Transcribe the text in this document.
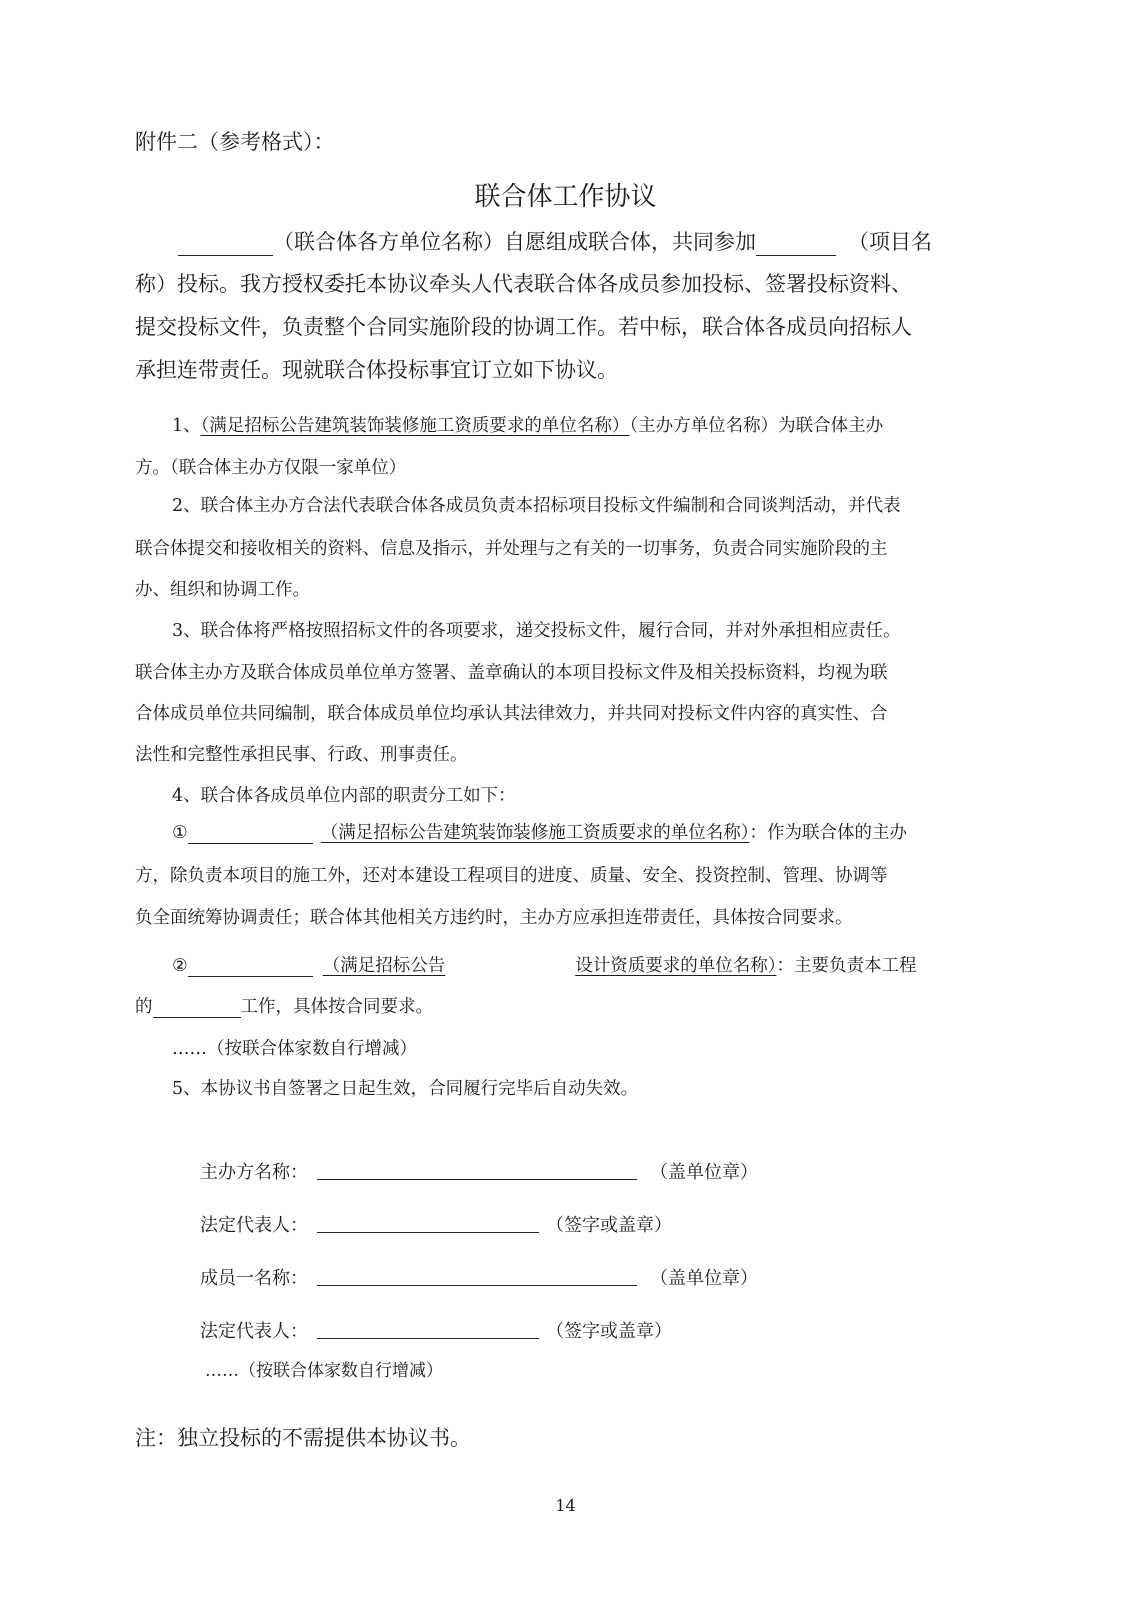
附件二（参考格式）：
联合体工作协议
（联合体各方单位名称）自愿组成联合体，共同参加	（项目名
称）投标。我方授权委托本协议牵头人代表联合体各成员参加投标、签署投标资料、
提交投标文件，负责整个合同实施阶段的协调工作。若中标，联合体各成员向招标人
承担连带责任。现就联合体投标事宜订立如下协议。
1、（满足招标公告建筑装饰装修施工资质要求的单位名称）（主办方单位名称）为联合体主办
方。（联合体主办方仅限一家单位）
2、联合体主办方合法代表联合体各成员负责本招标项目投标文件编制和合同谈判活动，并代表
联合体提交和接收相关的资料、信息及指示，并处理与之有关的一切事务，负责合同实施阶段的主
办、组织和协调工作。
3、联合体将严格按照招标文件的各项要求，递交投标文件，履行合同，并对外承担相应责任。
联合体主办方及联合体成员单位单方签署、盖章确认的本项目投标文件及相关投标资料，均视为联
合体成员单位共同编制，联合体成员单位均承认其法律效力，并共同对投标文件内容的真实性、合
法性和完整性承担民事、行政、刑事责任。
4、联合体各成员单位内部的职责分工如下：
①	（满足招标公告建筑装饰装修施工资质要求的单位名称）：作为联合体的主办
方，除负责本项目的施工外，还对本建设工程项目的进度、质量、安全、投资控制、管理、协调等
负全面统筹协调责任；联合体其他相关方违约时，主办方应承担连带责任，具体按合同要求。
②	（满足招标公告	设计资质要求的单位名称）：主要负责本工程
的	工作，具体按合同要求。
……（按联合体家数自行增减）
5、本协议书自签署之日起生效，合同履行完毕后自动失效。
主办方名称：	（盖单位章）
法定代表人：	（签字或盖章）
成员一名称：	（盖单位章）
法定代表人：	（签字或盖章）
……（按联合体家数自行增减）
注：独立投标的不需提供本协议书。
14
